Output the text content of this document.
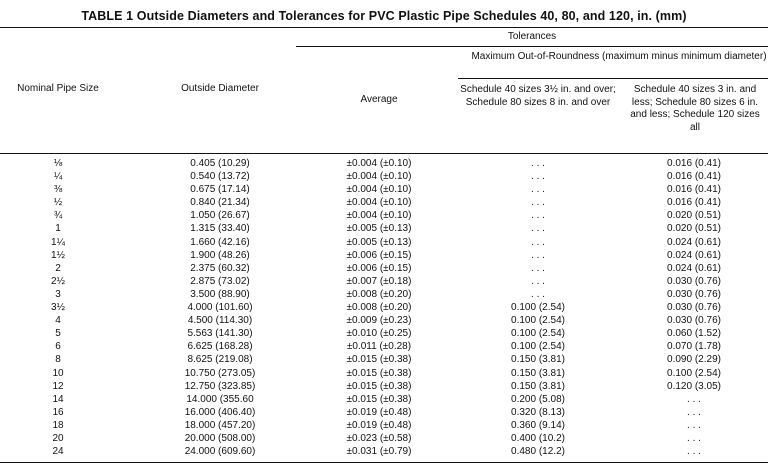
TABLE 1 Outside Diameters and Tolerances for PVC Plastic Pipe Schedules 40, 80, and 120, in. (mm)
Tolerances
Maximum Out-of-Roundness (maximum minus minimum diameter)
Nominal Pipe Size	Outside Diameter
Average
Schedule 40 sizes 3½ in. and over; Schedule 80 sizes 8 in. and over
Schedule 40 sizes 3 in. and less; Schedule 80 sizes 6 in. and less; Schedule 120 sizes all
⅛	0.405 (10.29)	±0.004 (±0.10)	. . .	0.016 (0.41)
¼	0.540 (13.72)	±0.004 (±0.10)	. . .	0.016 (0.41)
⅜	0.675 (17.14)	±0.004 (±0.10)	. . .	0.016 (0.41)
½	0.840 (21.34)	±0.004 (±0.10)	. . .	0.016 (0.41)
¾	1.050 (26.67)	±0.004 (±0.10)	. . .	0.020 (0.51)
1	1.315 (33.40)	±0.005 (±0.13)	. . .	0.020 (0.51)
1¼	1.660 (42.16)	±0.005 (±0.13)	. . .	0.024 (0.61)
1½	1.900 (48.26)	±0.006 (±0.15)	. . .	0.024 (0.61)
2	2.375 (60.32)	±0.006 (±0.15)	. . .	0.024 (0.61)
2½	2.875 (73.02)	±0.007 (±0.18)	. . .	0.030 (0.76)
3	3.500 (88.90)	±0.008 (±0.20)	. . .	0.030 (0.76)
3½	4.000 (101.60)	±0.008 (±0.20)	0.100 (2.54)	0.030 (0.76)
4	4.500 (114.30)	±0.009 (±0.23)	0.100 (2.54)	0.030 (0.76)
5	5.563 (141.30)	±0.010 (±0.25)	0.100 (2.54)	0.060 (1.52)
6	6.625 (168.28)	±0.011 (±0.28)	0.100 (2.54)	0.070 (1.78)
8	8.625 (219.08)	±0.015 (±0.38)	0.150 (3.81)	0.090 (2.29)
10	10.750 (273.05)	±0.015 (±0.38)	0.150 (3.81)	0.100 (2.54)
12	12.750 (323.85)	±0.015 (±0.38)	0.150 (3.81)	0.120 (3.05)
14	14.000 (355.60	±0.015 (±0.38)	0.200 (5.08)	. . .
16	16.000 (406.40)	±0.019 (±0.48)	0.320 (8.13)	. . .
18	18.000 (457.20)	±0.019 (±0.48)	0.360 (9.14)	. . .
20	20.000 (508.00)	±0.023 (±0.58)	0.400 (10.2)	. . .
24	24.000 (609.60)	±0.031 (±0.79)	0.480 (12.2)	. . .
